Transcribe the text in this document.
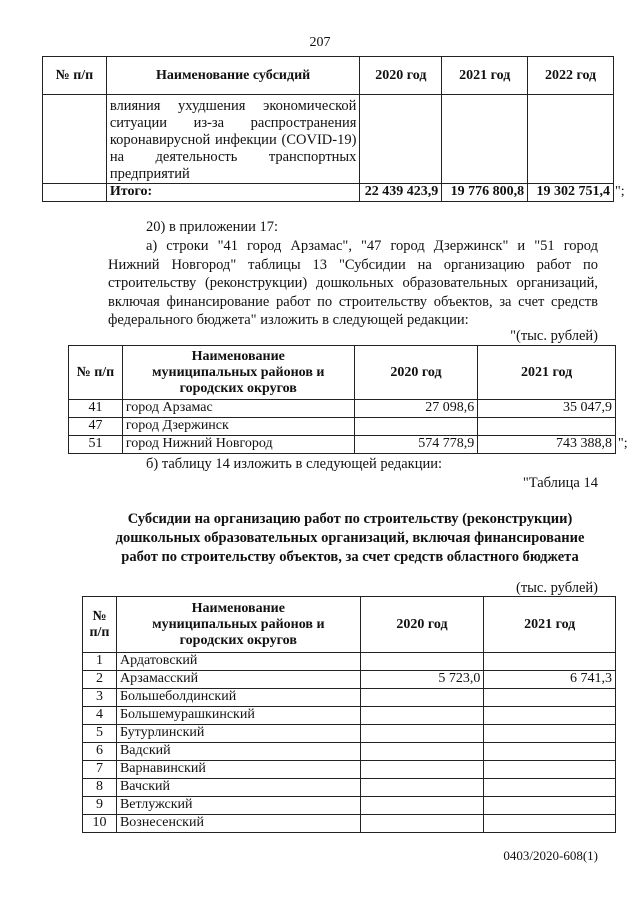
207
№ п/п	Наименование субсидий	2020 год	2021 год	2022 год
	влияния ухудшения экономической ситуации из-за распространения коронавирусной инфекции (COVID-19) на деятельность транспортных предприятий			
	Итого:	22 439 423,9	19 776 800,8	19 302 751,4 ";
20) в приложении 17:
а) строки "41 город Арзамас", "47 город Дзержинск" и "51 город Нижний Новгород" таблицы 13 "Субсидии на организацию работ по строительству (реконструкции) дошкольных образовательных организаций, включая финансирование работ по строительству объектов, за счет средств федерального бюджета" изложить в следующей редакции:
"(тыс. рублей)
№ п/п	Наименование муниципальных районов и городских округов	2020 год	2021 год
41	город Арзамас	27 098,6	35 047,9
47	город Дзержинск		
51	город Нижний Новгород	574 778,9	743 388,8 ";
б) таблицу 14 изложить в следующей редакции:
"Таблица 14
Субсидии на организацию работ по строительству (реконструкции) дошкольных образовательных организаций, включая финансирование работ по строительству объектов, за счет средств областного бюджета
(тыс. рублей)
№ п/п	Наименование муниципальных районов и городских округов	2020 год	2021 год
1	Ардатовский		
2	Арзамасский	5 723,0	6 741,3
3	Большеболдинский		
4	Большемурашкинский		
5	Бутурлинский		
6	Вадский		
7	Варнавинский		
8	Вачский		
9	Ветлужский		
10	Вознесенский		
0403/2020-608(1)
